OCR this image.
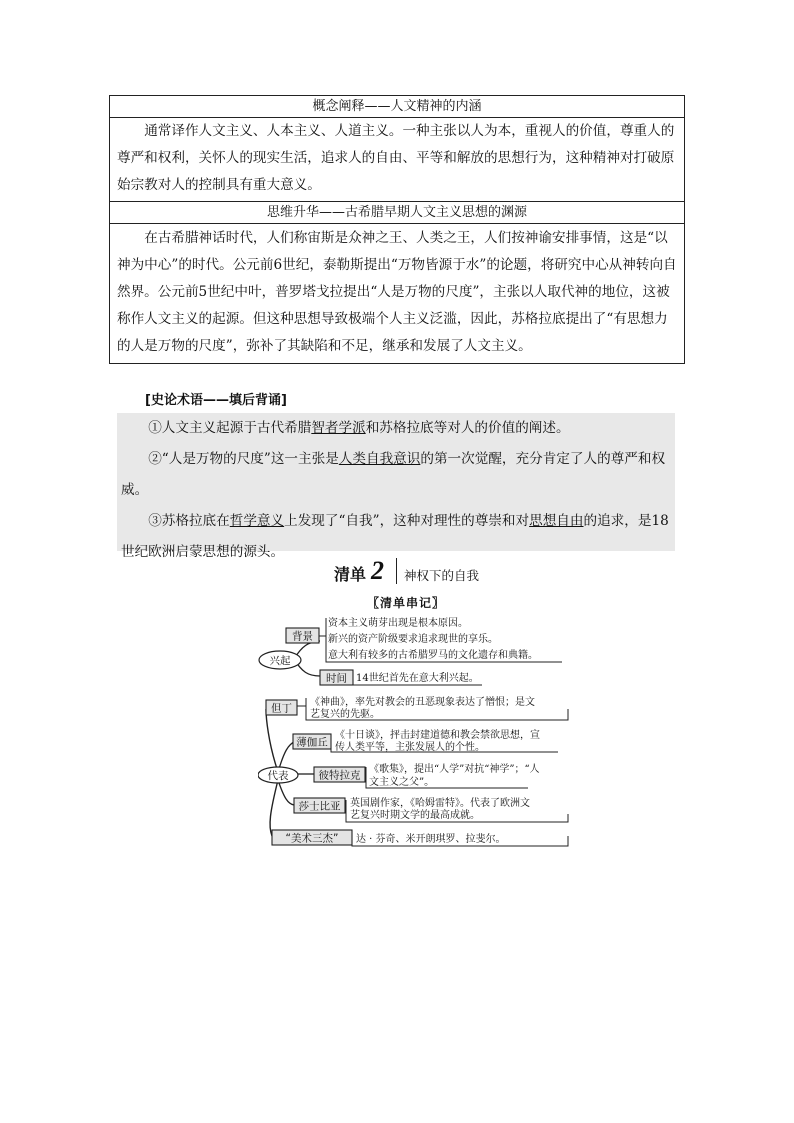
概念阐释——人文精神的内涵

通常译作人文主义、人本主义、人道主义。一种主张以人为本，重视人的价值，尊重人的尊严和权利，关怀人的现实生活，追求人的自由、平等和解放的思想行为，这种精神对打破原始宗教对人的控制具有重大意义。

思维升华——古希腊早期人文主义思想的渊源

在古希腊神话时代，人们称宙斯是众神之王、人类之王，人们按神谕安排事情，这是“以神为中心”的时代。公元前6世纪，泰勒斯提出“万物皆源于水”的论题，将研究中心从神转向自然界。公元前5世纪中叶，普罗塔戈拉提出“人是万物的尺度”，主张以人取代神的地位，这被称作人文主义的起源。但这种思想导致极端个人主义泛滥，因此，苏格拉底提出了“有思想力的人是万物的尺度”，弥补了其缺陷和不足，继承和发展了人文主义。

[史论术语——填后背诵]

①人文主义起源于古代希腊智者学派和苏格拉底等对人的价值的阐述。

②“人是万物的尺度”这一主张是人类自我意识的第一次觉醒，充分肯定了人的尊严和权威。

③苏格拉底在哲学意义上发现了“自我”，这种对理性的尊崇和对思想自由的追求，是18世纪欧洲启蒙思想的源头。

清单 2 神权下的自我
〖清单串记〗
兴起
背景
资本主义萌芽出现是根本原因。
新兴的资产阶级要求追求现世的享乐。
意大利有较多的古希腊罗马的文化遗存和典籍。
时间 14世纪首先在意大利兴起。
但丁 《神曲》，率先对教会的丑恶现象表达了憎恨；是文
艺复兴的先驱。
薄伽丘
《十日谈》，抨击封建道德和教会禁欲思想，宣
传人类平等，主张发展人的个性。
代表	彼特拉克 《歌集》，提出“人学”对抗“神学”；“人
文主义之父”。
莎士比亚 英国剧作家，《哈姆雷特》。代表了欧洲文
艺复兴时期文学的最高成就。
“美术三杰” 达 · 芬奇、米开朗琪罗、拉斐尔。
